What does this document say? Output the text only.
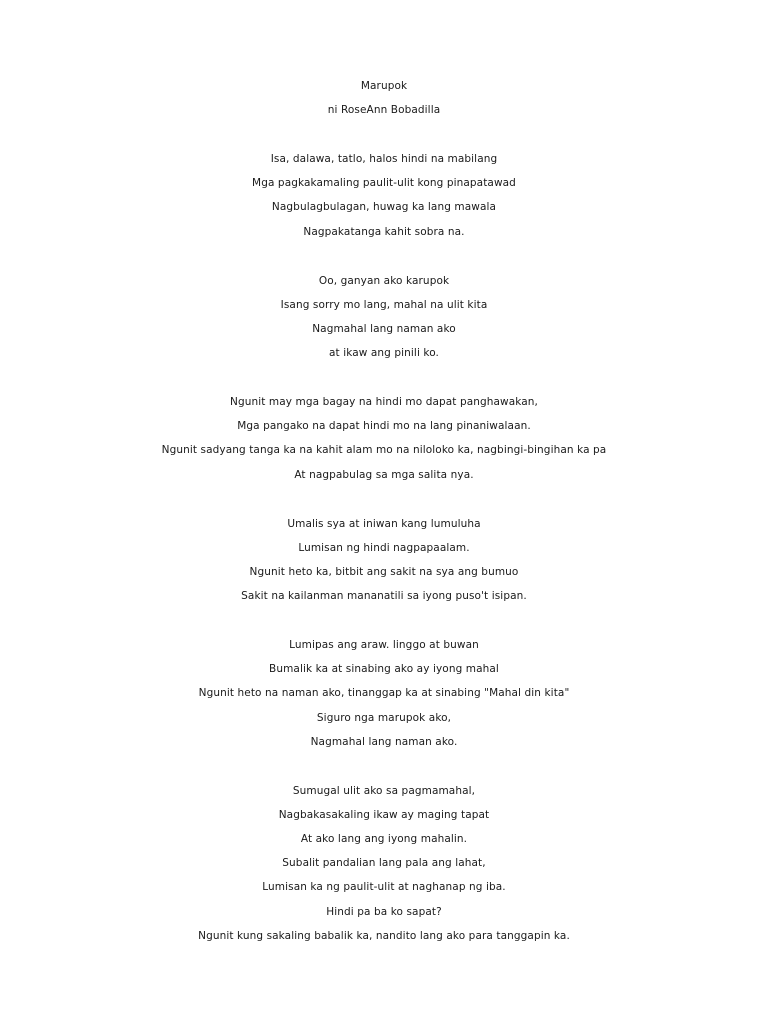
Marupok
ni RoseAnn Bobadilla
Isa, dalawa, tatlo, halos hindi na mabilang
Mga pagkakamaling paulit-ulit kong pinapatawad
Nagbulagbulagan, huwag ka lang mawala
Nagpakatanga kahit sobra na.
Oo, ganyan ako karupok
Isang sorry mo lang, mahal na ulit kita
Nagmahal lang naman ako
at ikaw ang pinili ko.
Ngunit may mga bagay na hindi mo dapat panghawakan,
Mga pangako na dapat hindi mo na lang pinaniwalaan.
Ngunit sadyang tanga ka na kahit alam mo na niloloko ka, nagbingi-bingihan ka pa
At nagpabulag sa mga salita nya.
Umalis sya at iniwan kang lumuluha
Lumisan ng hindi nagpapaalam.
Ngunit heto ka, bitbit ang sakit na sya ang bumuo
Sakit na kailanman mananatili sa iyong puso't isipan.
Lumipas ang araw. linggo at buwan
Bumalik ka at sinabing ako ay iyong mahal
Ngunit heto na naman ako, tinanggap ka at sinabing "Mahal din kita"
Siguro nga marupok ako,
Nagmahal lang naman ako.
Sumugal ulit ako sa pagmamahal,
Nagbakasakaling ikaw ay maging tapat
At ako lang ang iyong mahalin.
Subalit pandalian lang pala ang lahat,
Lumisan ka ng paulit-ulit at naghanap ng iba.
Hindi pa ba ko sapat?
Ngunit kung sakaling babalik ka, nandito lang ako para tanggapin ka.
